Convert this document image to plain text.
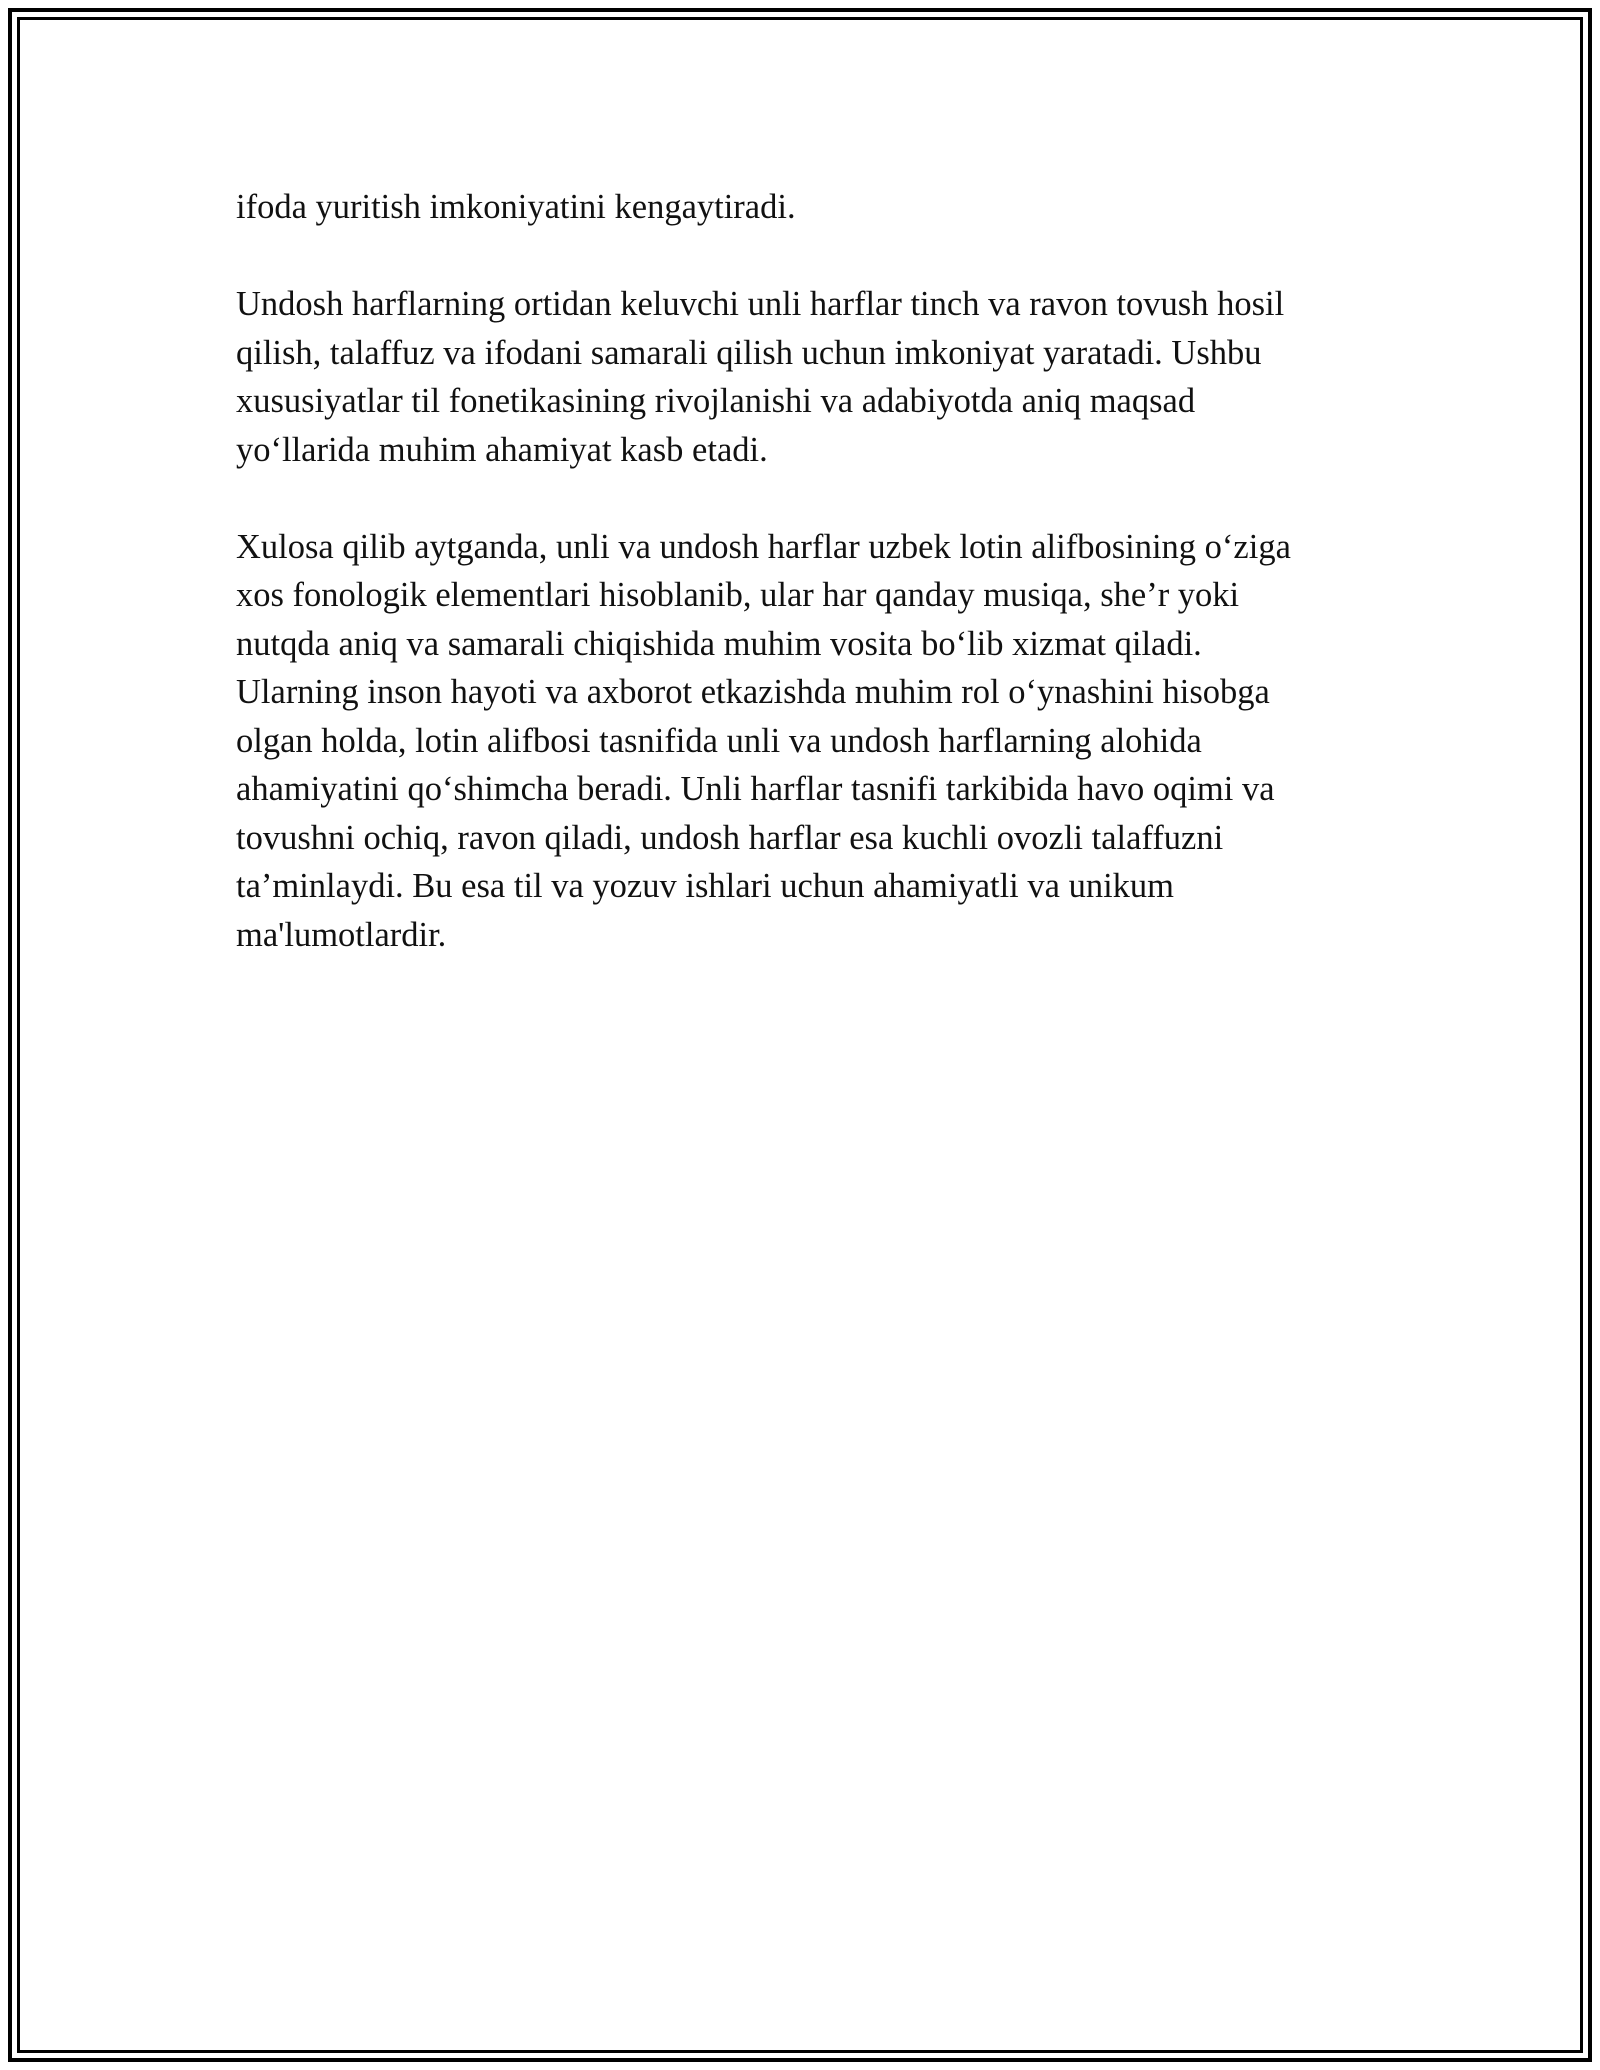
ifoda yuritish imkoniyatini kengaytiradi.

Undosh harflarning ortidan keluvchi unli harflar tinch va ravon tovush hosil
qilish, talaffuz va ifodani samarali qilish uchun imkoniyat yaratadi. Ushbu
xususiyatlar til fonetikasining rivojlanishi va adabiyotda aniq maqsad
yo‘llarida muhim ahamiyat kasb etadi.

Xulosa qilib aytganda, unli va undosh harflar uzbek lotin alifbosining o‘ziga
xos fonologik elementlari hisoblanib, ular har qanday musiqa, she’r yoki
nutqda aniq va samarali chiqishida muhim vosita bo‘lib xizmat qiladi.
Ularning inson hayoti va axborot etkazishda muhim rol o‘ynashini hisobga
olgan holda, lotin alifbosi tasnifida unli va undosh harflarning alohida
ahamiyatini qo‘shimcha beradi. Unli harflar tasnifi tarkibida havo oqimi va
tovushni ochiq, ravon qiladi, undosh harflar esa kuchli ovozli talaffuzni
ta’minlaydi. Bu esa til va yozuv ishlari uchun ahamiyatli va unikum
ma'lumotlardir.
